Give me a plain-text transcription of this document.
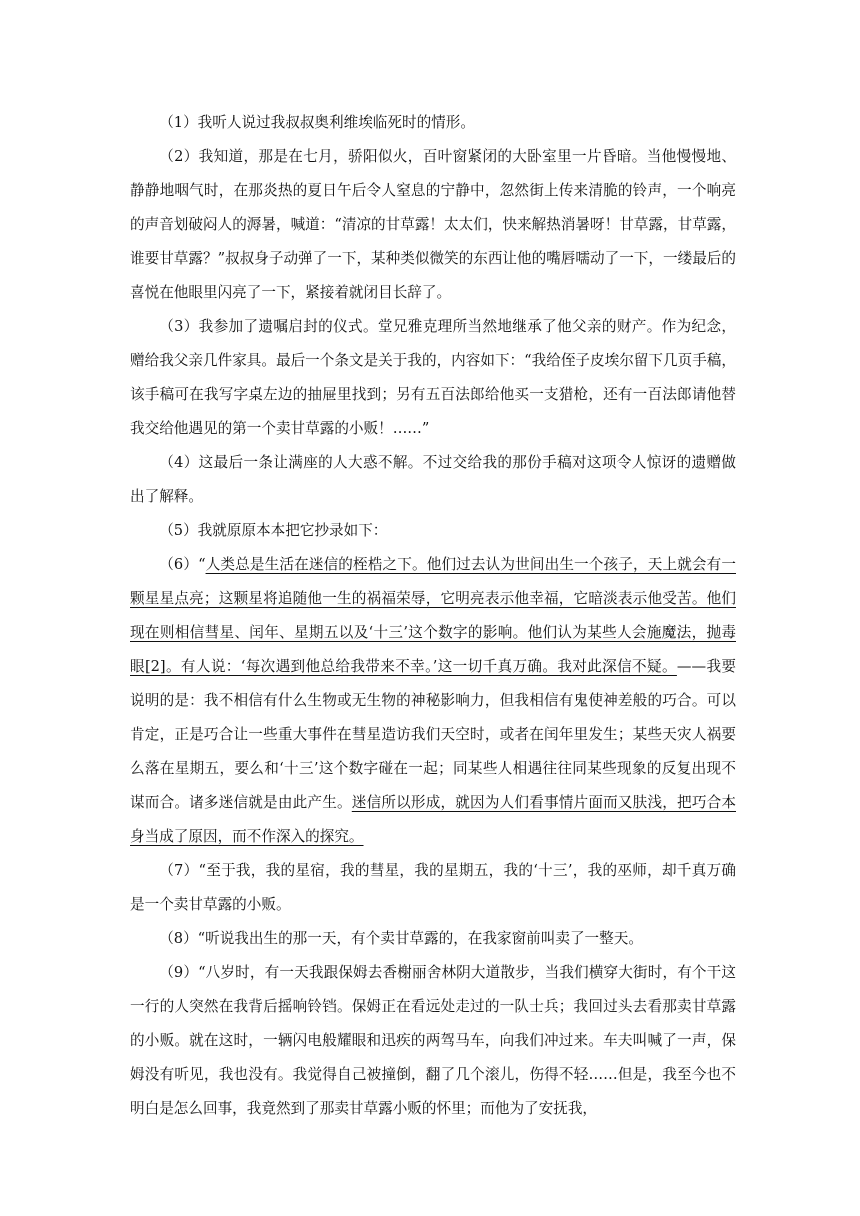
（1）我听人说过我叔叔奥利维埃临死时的情形。

（2）我知道，那是在七月，骄阳似火，百叶窗紧闭的大卧室里一片昏暗。当他慢慢地、静静地咽气时，在那炎热的夏日午后令人窒息的宁静中，忽然街上传来清脆的铃声，一个响亮的声音划破闷人的溽暑，喊道：“清凉的甘草露！太太们，快来解热消暑呀！甘草露，甘草露，谁要甘草露？”叔叔身子动弹了一下，某种类似微笑的东西让他的嘴唇嚅动了一下，一缕最后的喜悦在他眼里闪亮了一下，紧接着就闭目长辞了。

（3）我参加了遗嘱启封的仪式。堂兄雅克理所当然地继承了他父亲的财产。作为纪念，赠给我父亲几件家具。最后一个条文是关于我的，内容如下：“我给侄子皮埃尔留下几页手稿，该手稿可在我写字桌左边的抽屉里找到；另有五百法郎给他买一支猎枪，还有一百法郎请他替我交给他遇见的第一个卖甘草露的小贩！……”

（4）这最后一条让满座的人大惑不解。不过交给我的那份手稿对这项令人惊讶的遗赠做出了解释。

（5）我就原原本本把它抄录如下：

（6）“人类总是生活在迷信的桎梏之下。他们过去认为世间出生一个孩子，天上就会有一颗星星点亮；这颗星将追随他一生的祸福荣辱，它明亮表示他幸福，它暗淡表示他受苦。他们现在则相信彗星、闰年、星期五以及‘十三’这个数字的影响。他们认为某些人会施魔法，抛毒眼[2]。有人说：‘每次遇到他总给我带来不幸。’这一切千真万确。我对此深信不疑。——我要说明的是：我不相信有什么生物或无生物的神秘影响力，但我相信有鬼使神差般的巧合。可以肯定，正是巧合让一些重大事件在彗星造访我们天空时，或者在闰年里发生；某些天灾人祸要么落在星期五，要么和‘十三’这个数字碰在一起；同某些人相遇往往同某些现象的反复出现不谋而合。诸多迷信就是由此产生。迷信所以形成，就因为人们看事情片面而又肤浅，把巧合本身当成了原因，而不作深入的探究。

（7）“至于我，我的星宿，我的彗星，我的星期五，我的‘十三’，我的巫师，却千真万确是一个卖甘草露的小贩。

（8）“听说我出生的那一天，有个卖甘草露的，在我家窗前叫卖了一整天。

（9）“八岁时，有一天我跟保姆去香榭丽舍林阴大道散步，当我们横穿大街时，有个干这一行的人突然在我背后摇响铃铛。保姆正在看远处走过的一队士兵；我回过头去看那卖甘草露的小贩。就在这时，一辆闪电般耀眼和迅疾的两驾马车，向我们冲过来。车夫叫喊了一声，保姆没有听见，我也没有。我觉得自己被撞倒，翻了几个滚儿，伤得不轻……但是，我至今也不明白是怎么回事，我竟然到了那卖甘草露小贩的怀里；而他为了安抚我，
